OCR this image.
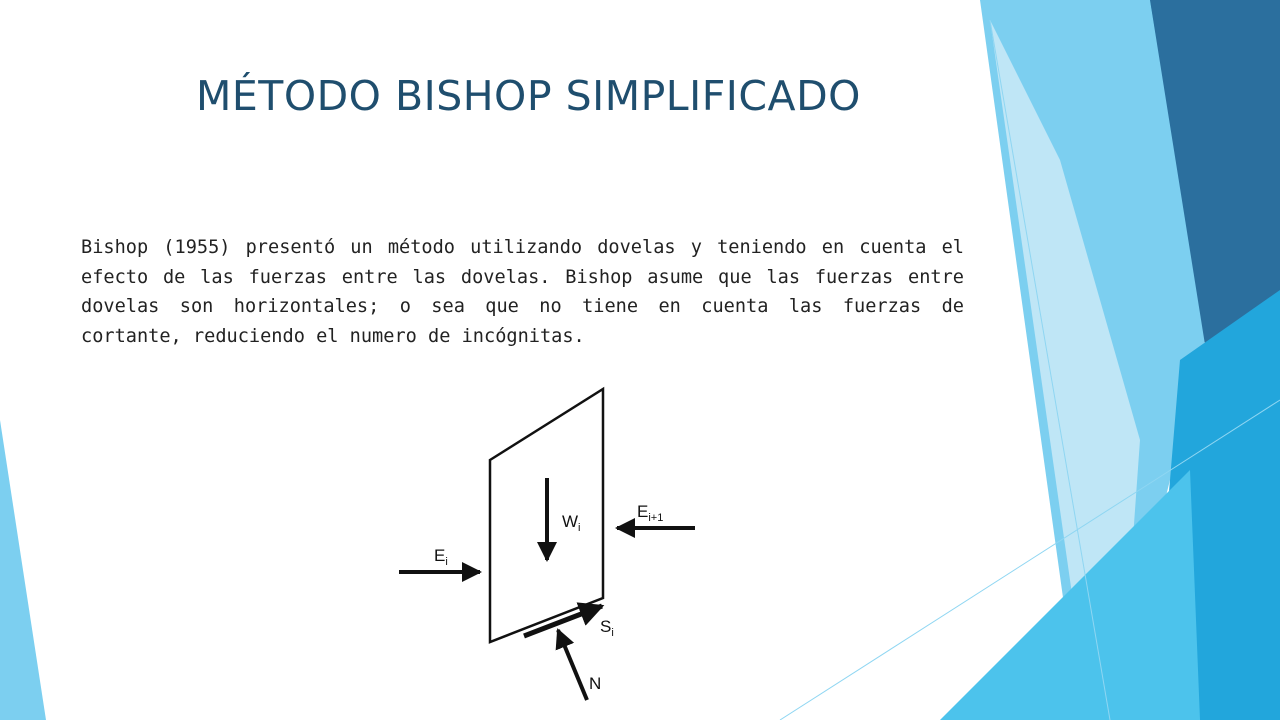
MÉTODO BISHOP SIMPLIFICADO

Bishop (1955) presentó un método utilizando dovelas y teniendo en cuenta el efecto de las fuerzas entre las dovelas. Bishop asume que las fuerzas entre dovelas son horizontales; o sea que no tiene en cuenta las fuerzas de cortante, reduciendo el numero de incógnitas.

$W_i$
$E_i$
$E_{i+1}$
$S_i$
N
